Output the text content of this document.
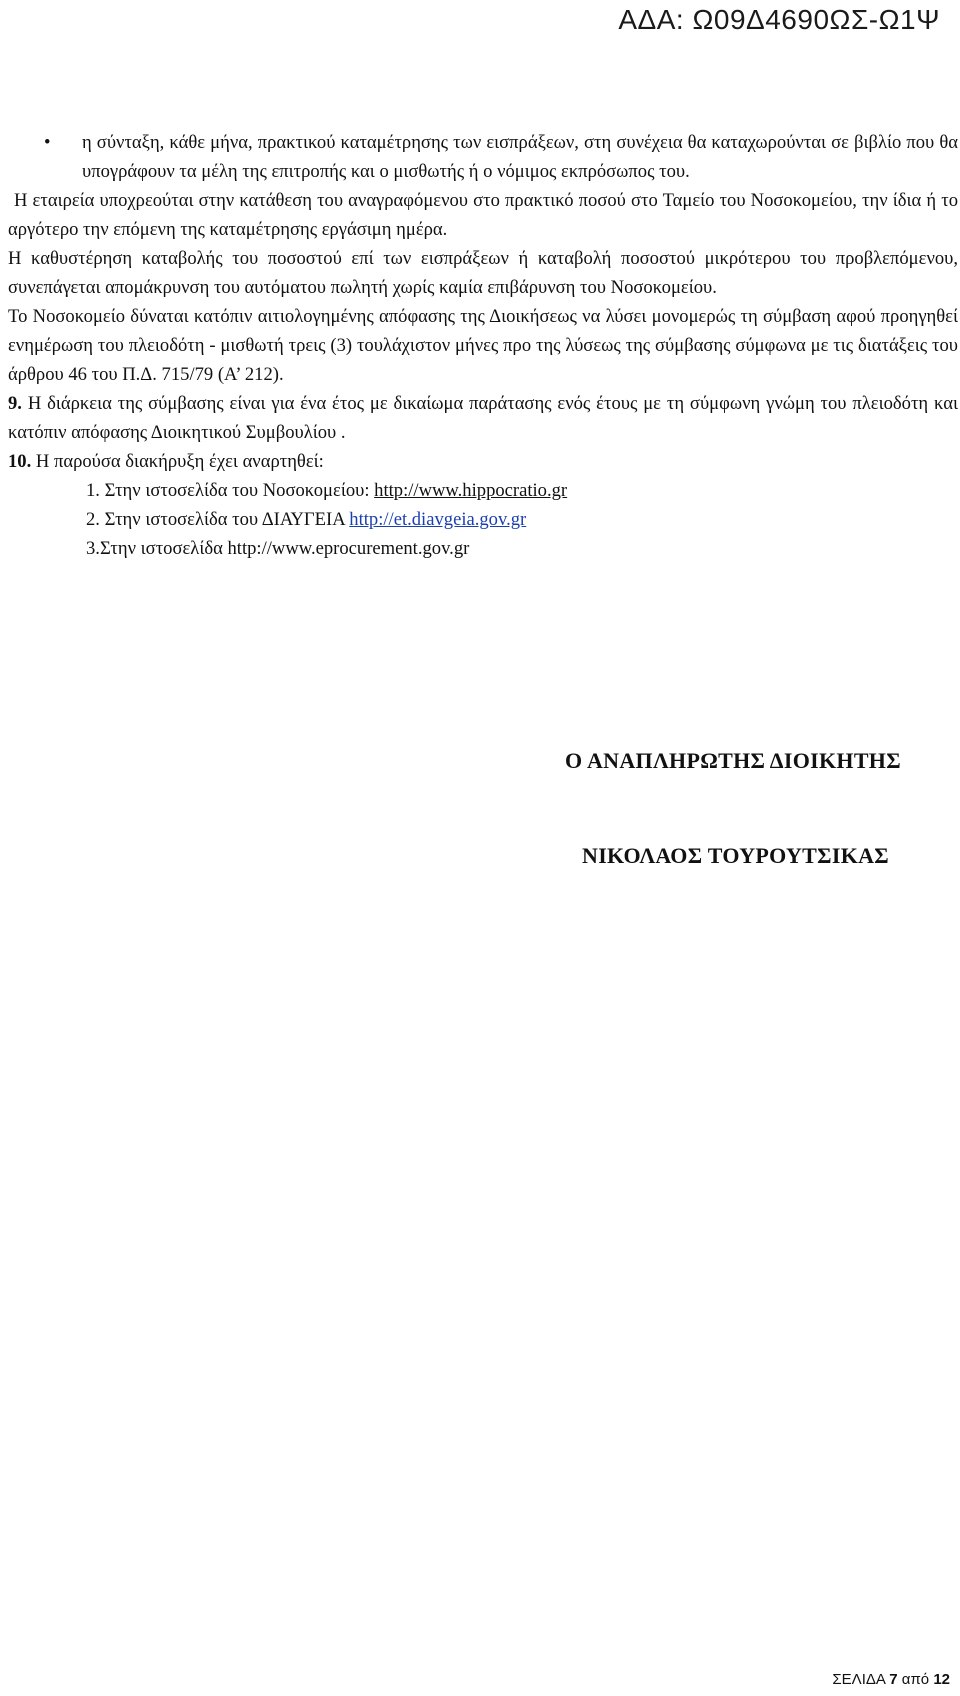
ΑΔΑ: Ω09Δ4690ΩΣ-Ω1Ψ
• η σύνταξη, κάθε μήνα, πρακτικού καταμέτρησης των εισπράξεων, στη συνέχεια θα καταχωρούνται σε βιβλίο που θα υπογράφουν τα μέλη της επιτροπής και ο μισθωτής ή ο νόμιμος εκπρόσωπος του.

Η εταιρεία υποχρεούται στην κατάθεση του αναγραφόμενου στο πρακτικό ποσού στο Ταμείο του Νοσοκομείου, την ίδια ή το αργότερο την επόμενη της καταμέτρησης εργάσιμη ημέρα.

Η καθυστέρηση καταβολής του ποσοστού επί των εισπράξεων ή καταβολή ποσοστού μικρότερου του προβλεπόμενου, συνεπάγεται απομάκρυνση του αυτόματου πωλητή χωρίς καμία επιβάρυνση του Νοσοκομείου.

Το Νοσοκομείο δύναται κατόπιν αιτιολογημένης απόφασης της Διοικήσεως να λύσει μονομερώς τη σύμβαση αφού προηγηθεί ενημέρωση του πλειοδότη - μισθωτή τρεις (3) τουλάχιστον μήνες προ της λύσεως της σύμβασης σύμφωνα με τις διατάξεις του άρθρου 46 του Π.Δ. 715/79 (Α’ 212).

9. Η διάρκεια της σύμβασης είναι για ένα έτος με δικαίωμα παράτασης ενός έτους με τη σύμφωνη γνώμη του πλειοδότη και κατόπιν απόφασης Διοικητικού Συμβουλίου .

10. Η παρούσα διακήρυξη έχει αναρτηθεί:

1. Στην ιστοσελίδα του Νοσοκομείου: http://www.hippocratio.gr
2. Στην ιστοσελίδα του ΔΙΑΥΓΕΙΑ http://et.diavgeia.gov.gr
3.Στην ιστοσελίδα http://www.eprocurement.gov.gr
Ο ΑΝΑΠΛΗΡΩΤΗΣ ΔΙΟΙΚΗΤΗΣ
ΝΙΚΟΛΑΟΣ ΤΟΥΡΟΥΤΣΙΚΑΣ
ΣΕΛΙΔΑ 7 από 12
